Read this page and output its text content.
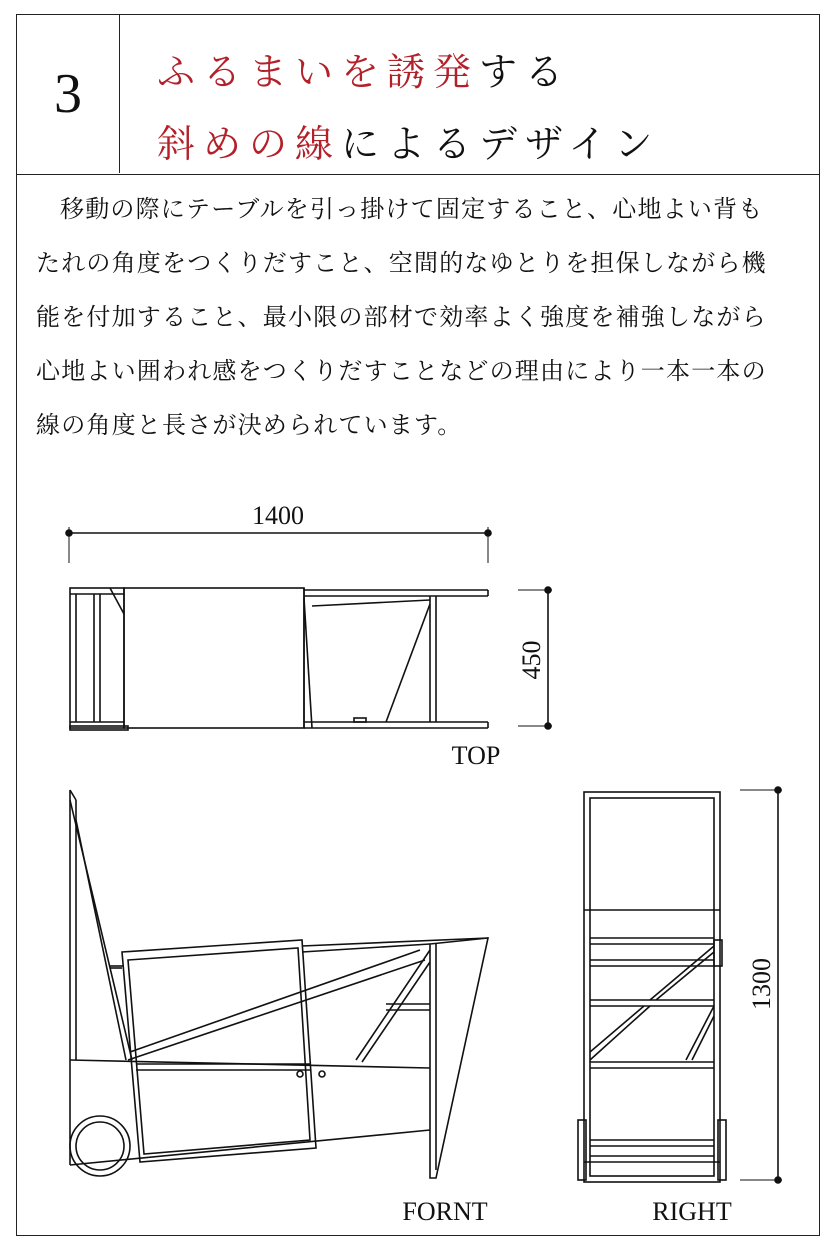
3	ふるまいを誘発する
斜めの線によるデザイン

移動の際にテーブルを引っ掛けて固定すること、心地よい背もたれの角度をつくりだすこと、空間的なゆとりを担保しながら機能を付加すること、最小限の部材で効率よく強度を補強しながら心地よい囲われ感をつくりだすことなどの理由により一本一本の線の角度と長さが決められています。

1400
450
TOP
FORNT
1300
RIGHT
